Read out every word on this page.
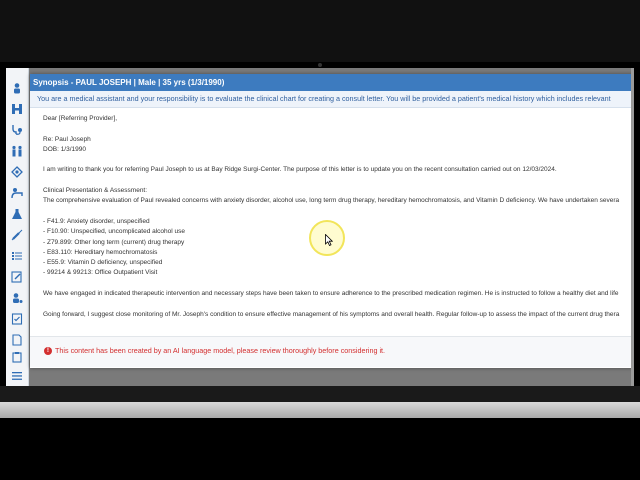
Synopsis - PAUL JOSEPH | Male | 35 yrs (1/3/1990)
You are a medical assistant and your responsibility is to evaluate the clinical chart for creating a consult letter. You will be provided a patient's medical history which includes relevant
Dear [Referring Provider],
Re: Paul Joseph
DOB: 1/3/1990
I am writing to thank you for referring Paul Joseph to us at Bay Ridge Surgi-Center. The purpose of this letter is to update you on the recent consultation carried out on 12/03/2024.
Clinical Presentation & Assessment:
The comprehensive evaluation of Paul revealed concerns with anxiety disorder, alcohol use, long term drug therapy, hereditary hemochromatosis, and Vitamin D deficiency. We have undertaken severa
- F41.9: Anxiety disorder, unspecified
- F10.90: Unspecified, uncomplicated alcohol use
- Z79.899: Other long term (current) drug therapy
- E83.110: Hereditary hemochromatosis
- E55.9: Vitamin D deficiency, unspecified
- 99214 & 99213: Office Outpatient Visit
We have engaged in indicated therapeutic intervention and necessary steps have been taken to ensure adherence to the prescribed medication regimen. He is instructed to follow a healthy diet and life
Going forward, I suggest close monitoring of Mr. Joseph's condition to ensure effective management of his symptoms and overall health. Regular follow-up to assess the impact of the current drug thera
! This content has been created by an AI language model, please review thoroughly before considering it.
